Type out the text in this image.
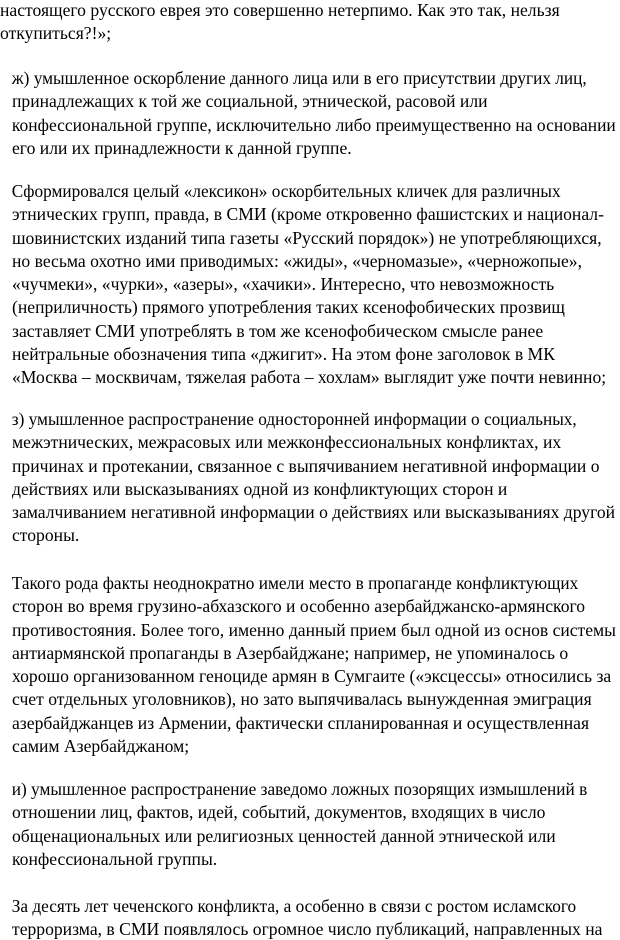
настоящего русского еврея это совершенно нетерпимо. Как это так, нельзя
откупиться?!»;

ж) умышленное оскорбление данного лица или в его присутствии других лиц,
принадлежащих к той же социальной, этнической, расовой или
конфессиональной группе, исключительно либо преимущественно на основании
его или их принадлежности к данной группе.

Сформировался целый «лексикон» оскорбительных кличек для различных
этнических групп, правда, в СМИ (кроме откровенно фашистских и национал-
шовинистских изданий типа газеты «Русский порядок») не употребляющихся,
но весьма охотно ими приводимых: «жиды», «черномазые», «черножопые»,
«чучмеки», «чурки», «азеры», «хачики». Интересно, что невозможность
(неприличность) прямого употребления таких ксенофобических прозвищ
заставляет СМИ употреблять в том же ксенофобическом смысле ранее
нейтральные обозначения типа «джигит». На этом фоне заголовок в МК
«Москва – москвичам, тяжелая работа – хохлам» выглядит уже почти невинно;

з) умышленное распространение односторонней информации о социальных,
межэтнических, межрасовых или межконфессиональных конфликтах, их
причинах и протекании, связанное с выпячиванием негативной информации о
действиях или высказываниях одной из конфликтующих сторон и
замалчиванием негативной информации о действиях или высказываниях другой
стороны.

Такого рода факты неоднократно имели место в пропаганде конфликтующих
сторон во время грузино-абхазского и особенно азербайджанско-армянского
противостояния. Более того, именно данный прием был одной из основ системы
антиармянской пропаганды в Азербайджане; например, не упоминалось о
хорошо организованном геноциде армян в Сумгаите («эксцессы» относились за
счет отдельных уголовников), но зато выпячивалась вынужденная эмиграция
азербайджанцев из Армении, фактически спланированная и осуществленная
самим Азербайджаном;

и) умышленное распространение заведомо ложных позорящих измышлений в
отношении лиц, фактов, идей, событий, документов, входящих в число
общенациональных или религиозных ценностей данной этнической или
конфессиональной группы.

За десять лет чеченского конфликта, а особенно в связи с ростом исламского
терроризма, в СМИ появлялось огромное число публикаций, направленных на
